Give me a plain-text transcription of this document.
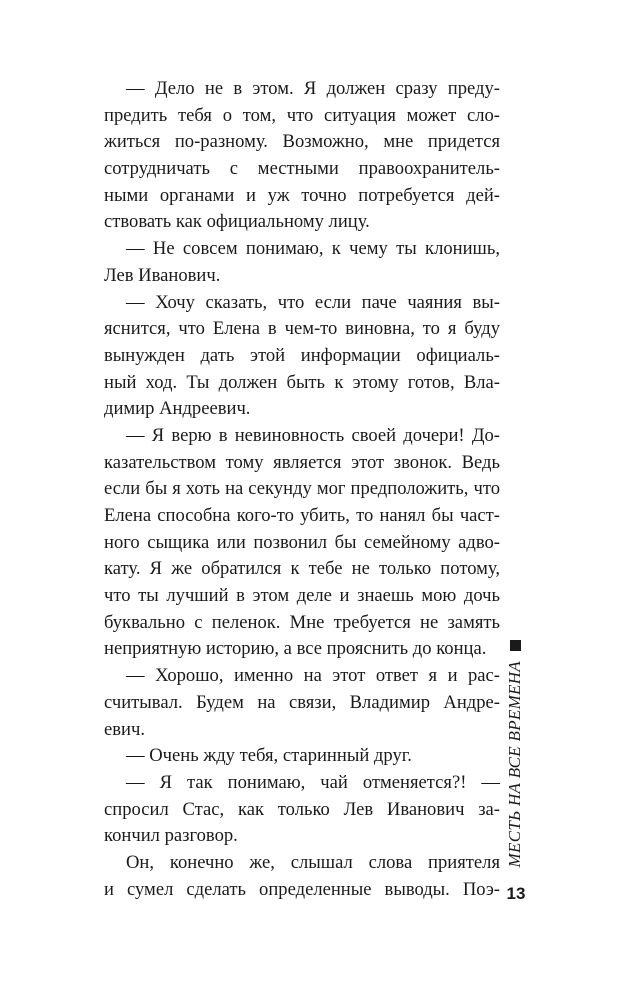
— Дело не в этом. Я должен сразу преду-
предить тебя о том, что ситуация может сло-
житься по-разному. Возможно, мне придется
сотрудничать с местными правоохранитель-
ными органами и уж точно потребуется дей-
ствовать как официальному лицу.
— Не совсем понимаю, к чему ты клонишь,
Лев Иванович.
— Хочу сказать, что если паче чаяния вы-
яснится, что Елена в чем-то виновна, то я буду
вынужден дать этой информации официаль-
ный ход. Ты должен быть к этому готов, Вла-
димир Андреевич.
— Я верю в невиновность своей дочери! До-
казательством тому является этот звонок. Ведь
если бы я хоть на секунду мог предположить, что
Елена способна кого-то убить, то нанял бы част-
ного сыщика или позвонил бы семейному адво-
кату. Я же обратился к тебе не только потому,
что ты лучший в этом деле и знаешь мою дочь
буквально с пеленок. Мне требуется не замять
неприятную историю, а все прояснить до конца.
— Хорошо, именно на этот ответ я и рас-
считывал. Будем на связи, Владимир Андре-
евич.
— Очень жду тебя, старинный друг.
— Я так понимаю, чай отменяется?! —
спросил Стас, как только Лев Иванович за-
кончил разговор.
Он, конечно же, слышал слова приятеля
и сумел сделать определенные выводы. Поэ-
МЕСТЬ НА ВСЕ ВРЕМЕНА
13
